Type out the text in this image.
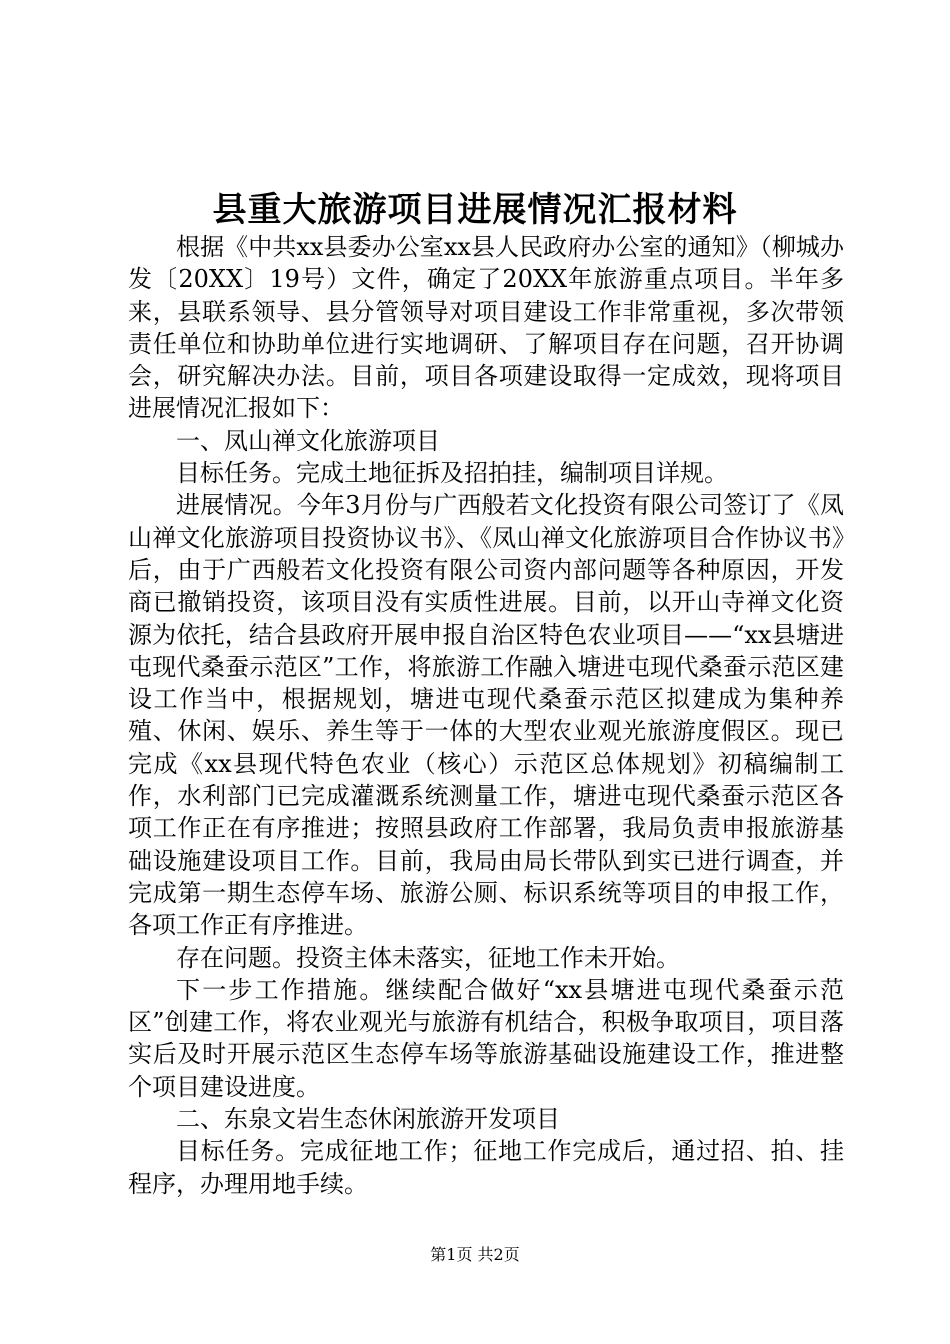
县重大旅游项目进展情况汇报材料

根据《中共xx县委办公室xx县人民政府办公室的通知》（柳城办发〔20XX〕19号）文件，确定了20XX年旅游重点项目。半年多来，县联系领导、县分管领导对项目建设工作非常重视，多次带领责任单位和协助单位进行实地调研、了解项目存在问题，召开协调会，研究解决办法。目前，项目各项建设取得一定成效，现将项目进展情况汇报如下：

一、凤山禅文化旅游项目

目标任务。完成土地征拆及招拍挂，编制项目详规。

进展情况。今年3月份与广西般若文化投资有限公司签订了《凤山禅文化旅游项目投资协议书》、《凤山禅文化旅游项目合作协议书》后，由于广西般若文化投资有限公司资内部问题等各种原因，开发商已撤销投资，该项目没有实质性进展。目前，以开山寺禅文化资源为依托，结合县政府开展申报自治区特色农业项目——“xx县塘进屯现代桑蚕示范区”工作，将旅游工作融入塘进屯现代桑蚕示范区建设工作当中，根据规划，塘进屯现代桑蚕示范区拟建成为集种养殖、休闲、娱乐、养生等于一体的大型农业观光旅游度假区。现已完成《xx县现代特色农业（核心）示范区总体规划》初稿编制工作，水利部门已完成灌溉系统测量工作，塘进屯现代桑蚕示范区各项工作正在有序推进；按照县政府工作部署，我局负责申报旅游基础设施建设项目工作。目前，我局由局长带队到实已进行调查，并完成第一期生态停车场、旅游公厕、标识系统等项目的申报工作，各项工作正有序推进。

存在问题。投资主体未落实，征地工作未开始。

下一步工作措施。继续配合做好“xx县塘进屯现代桑蚕示范区”创建工作，将农业观光与旅游有机结合，积极争取项目，项目落实后及时开展示范区生态停车场等旅游基础设施建设工作，推进整个项目建设进度。

二、东泉文岩生态休闲旅游开发项目

目标任务。完成征地工作；征地工作完成后，通过招、拍、挂程序，办理用地手续。

第1页 共2页
